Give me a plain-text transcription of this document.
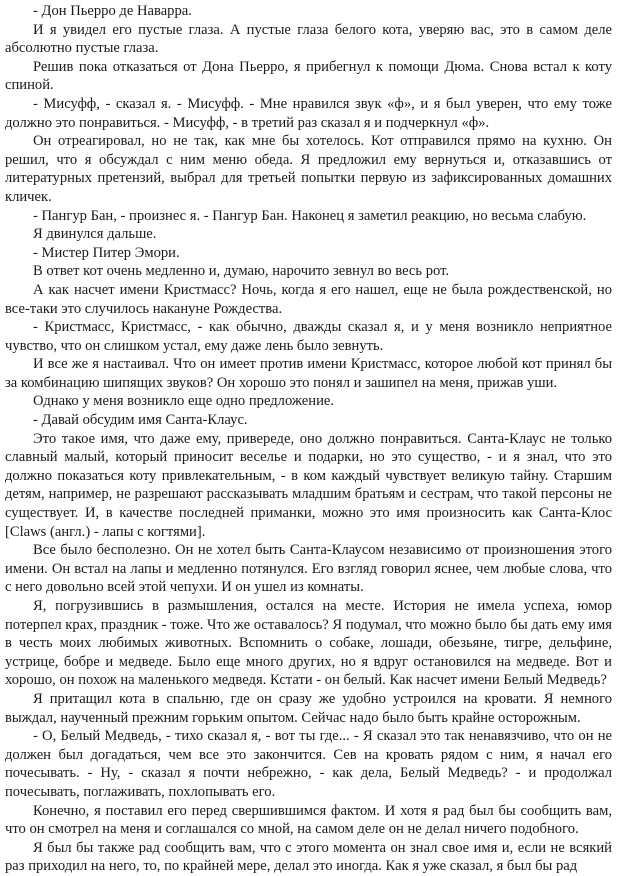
- Дон Пьерро де Наварра.

И я увидел его пустые глаза. А пустые глаза белого кота, уверяю вас, это в самом деле абсолютно пустые глаза.

Решив пока отказаться от Дона Пьерро, я прибегнул к помощи Дюма. Снова встал к коту спиной.

- Мисуфф, - сказал я. - Мисуфф. - Мне нравился звук «ф», и я был уверен, что ему тоже должно это понравиться. - Мисуфф, - в третий раз сказал я и подчеркнул «ф».

Он отреагировал, но не так, как мне бы хотелось. Кот отправился прямо на кухню. Он решил, что я обсуждал с ним меню обеда. Я предложил ему вернуться и, отказавшись от литературных претензий, выбрал для третьей попытки первую из зафиксированных домашних кличек.

- Пангур Бан, - произнес я. - Пангур Бан. Наконец я заметил реакцию, но весьма слабую.

Я двинулся дальше.

- Мистер Питер Эмори.

В ответ кот очень медленно и, думаю, нарочито зевнул во весь рот.

А как насчет имени Кристмасс? Ночь, когда я его нашел, еще не была рождественской, но все-таки это случилось накануне Рождества.

- Кристмасс, Кристмасс, - как обычно, дважды сказал я, и у меня возникло неприятное чувство, что он слишком устал, ему даже лень было зевнуть.

И все же я настаивал. Что он имеет против имени Кристмасс, которое любой кот принял бы за комбинацию шипящих звуков? Он хорошо это понял и зашипел на меня, прижав уши.

Однако у меня возникло еще одно предложение.

- Давай обсудим имя Санта-Клаус.

Это такое имя, что даже ему, привереде, оно должно понравиться. Санта-Клаус не только славный малый, который приносит веселье и подарки, но это существо, - и я знал, что это должно показаться коту привлекательным, - в ком каждый чувствует великую тайну. Старшим детям, например, не разрешают рассказывать младшим братьям и сестрам, что такой персоны не существует. И, в качестве последней приманки, можно это имя произносить как Санта-Клос [Claws (англ.) - лапы с когтями].

Все было бесполезно. Он не хотел быть Санта-Клаусом независимо от произношения этого имени. Он встал на лапы и медленно потянулся. Его взгляд говорил яснее, чем любые слова, что с него довольно всей этой чепухи. И он ушел из комнаты.

Я, погрузившись в размышления, остался на месте. История не имела успеха, юмор потерпел крах, праздник - тоже. Что же оставалось? Я подумал, что можно было бы дать ему имя в честь моих любимых животных. Вспомнить о собаке, лошади, обезьяне, тигре, дельфине, устрице, бобре и медведе. Было еще много других, но я вдруг остановился на медведе. Вот и хорошо, он похож на маленького медведя. Кстати - он белый. Как насчет имени Белый Медведь?

Я притащил кота в спальню, где он сразу же удобно устроился на кровати. Я немного выждал, наученный прежним горьким опытом. Сейчас надо было быть крайне осторожным.

- О, Белый Медведь, - тихо сказал я, - вот ты где... - Я сказал это так ненавязчиво, что он не должен был догадаться, чем все это закончится. Сев на кровать рядом с ним, я начал его почесывать. - Ну, - сказал я почти небрежно, - как дела, Белый Медведь? - и продолжал почесывать, поглаживать, похлопывать его.

Конечно, я поставил его перед свершившимся фактом. И хотя я рад был бы сообщить вам, что он смотрел на меня и соглашался со мной, на самом деле он не делал ничего подобного.

Я был бы также рад сообщить вам, что с этого момента он знал свое имя и, если не всякий раз приходил на него, то, по крайней мере, делал это иногда. Как я уже сказал, я был бы рад
